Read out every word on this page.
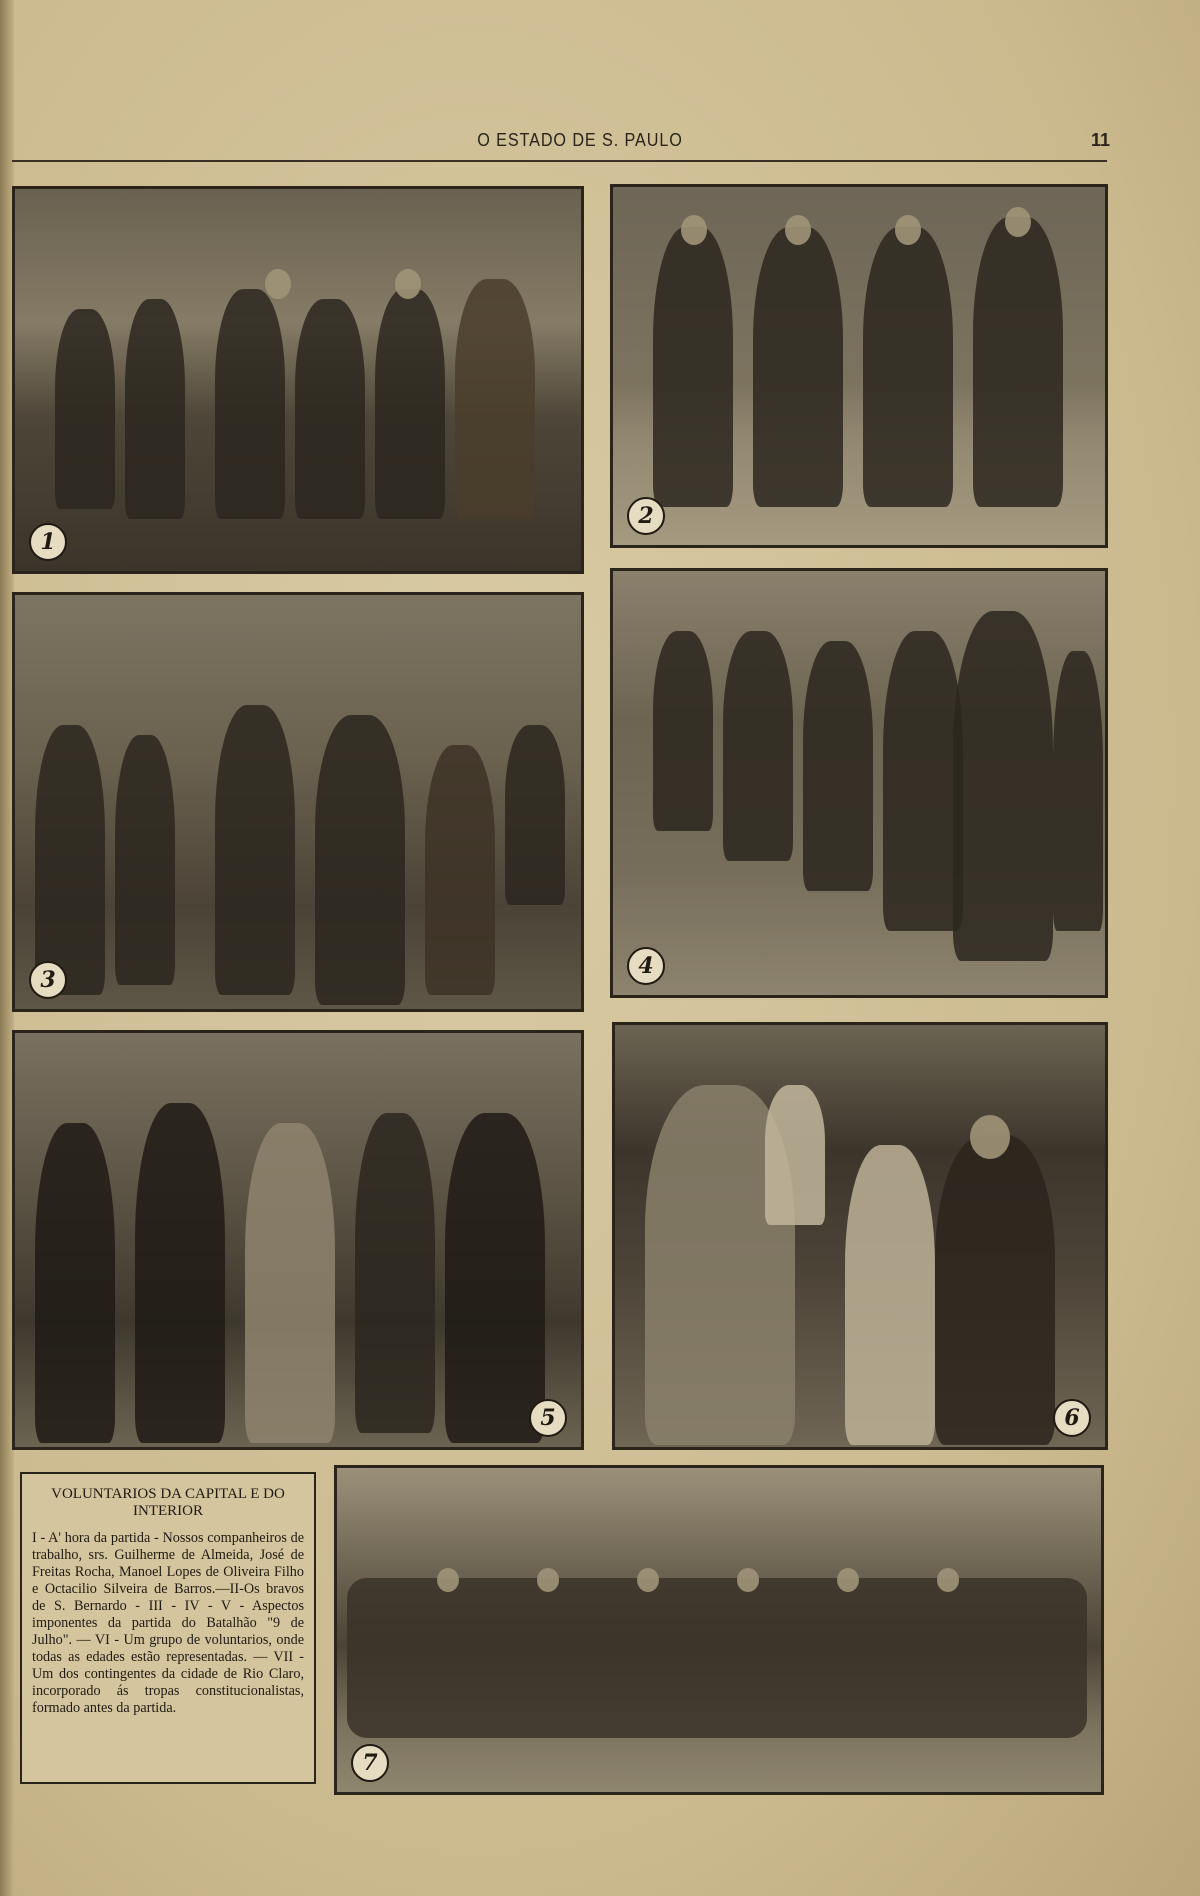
O ESTADO DE S. PAULO	11
1
2
3
4
5	6
VOLUNTARIOS DA CAPITAL E DO INTERIOR
I - A' hora da partida - Nossos companheiros de trabalho, srs. Guilherme de Almeida, José de Freitas Rocha, Manoel Lopes de Oliveira Filho e Octacilio Silveira de Barros.—II-Os bravos de S. Bernardo - III - IV - V - Aspectos imponentes da partida do Batalhão "9 de Julho". — VI - Um grupo de voluntarios, onde todas as edades estão representadas. — VII - Um dos contingentes da cidade de Rio Claro, incorporado ás tropas constitucionalistas, formado antes da partida.
7
